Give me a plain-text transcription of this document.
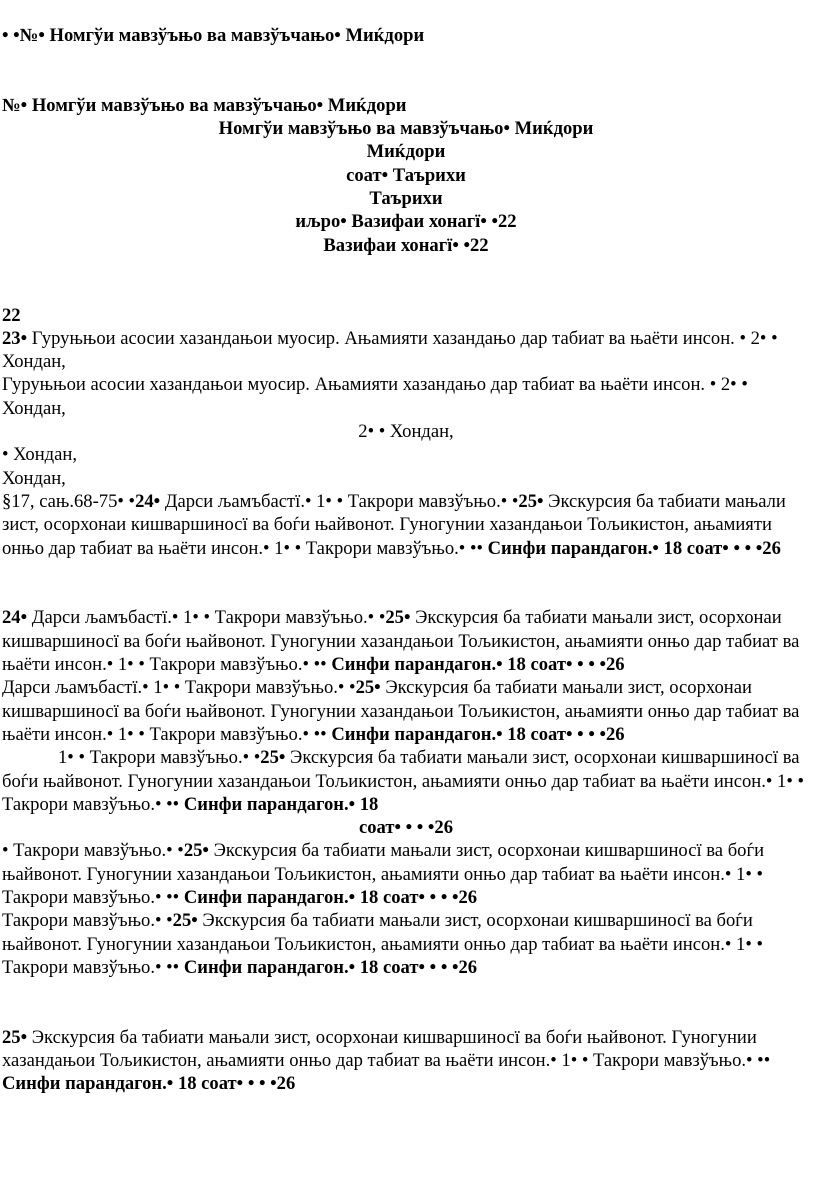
• •№• Номгўи мавзўъњо ва мавзўъчањо• Миќдори

№• Номгўи мавзўъњо ва мавзўъчањо• Миќдори

Номгўи мавзўъњо ва мавзўъчањо• Миќдори

Миќдори

соат• Таърихи

Таърихи

иљро• Вазифаи хонагї• •22

Вазифаи хонагї• •22

22

23• Гуруњњои асосии хазандањои муосир. Ањамияти хазандањо дар табиат ва њаёти инсон. • 2• • Хондан,

Гуруњњои асосии хазандањои муосир. Ањамияти хазандањо дар табиат ва њаёти инсон. • 2• • Хондан,

2• • Хондан,

• Хондан,

Хондан,

§17, сањ.68-75• •24• Дарси љамъбастї.• 1• • Такрори мавзўъњо.• •25• Экскурсия ба табиати мањали зист, осорхонаи кишваршиносї ва боѓи њайвонот. Гуногунии хазандањои Тољикистон, ањамияти онњо дар табиат ва њаёти инсон.• 1• • Такрори мавзўъњо.• •• Синфи парандагон.• 18 соат• • • •26

24• Дарси љамъбастї.• 1• • Такрори мавзўъњо.• •25• Экскурсия ба табиати мањали зист, осорхонаи кишваршиносї ва боѓи њайвонот. Гуногунии хазандањои Тољикистон, ањамияти онњо дар табиат ва њаёти инсон.• 1• • Такрори мавзўъњо.• •• Синфи парандагон.• 18 соат• • • •26

Дарси љамъбастї.• 1• • Такрори мавзўъњо.• •25• Экскурсия ба табиати мањали зист, осорхонаи кишваршиносї ва боѓи њайвонот. Гуногунии хазандањои Тољикистон, ањамияти онњо дар табиат ва њаёти инсон.• 1• • Такрори мавзўъњо.• •• Синфи парандагон.• 18 соат• • • •26

1• • Такрори мавзўъњо.• •25• Экскурсия ба табиати мањали зист, осорхонаи кишваршиносї ва боѓи њайвонот. Гуногунии хазандањои Тољикистон, ањамияти онњо дар табиат ва њаёти инсон.• 1• • Такрори мавзўъњо.• •• Синфи парандагон.• 18

соат• • • •26

• Такрори мавзўъњо.• •25• Экскурсия ба табиати мањали зист, осорхонаи кишваршиносї ва боѓи њайвонот. Гуногунии хазандањои Тољикистон, ањамияти онњо дар табиат ва њаёти инсон.• 1• • Такрори мавзўъњо.• •• Синфи парандагон.• 18 соат• • • •26

Такрори мавзўъњо.• •25• Экскурсия ба табиати мањали зист, осорхонаи кишваршиносї ва боѓи њайвонот. Гуногунии хазандањои Тољикистон, ањамияти онњо дар табиат ва њаёти инсон.• 1• • Такрори мавзўъњо.• •• Синфи парандагон.• 18 соат• • • •26

25• Экскурсия ба табиати мањали зист, осорхонаи кишваршиносї ва боѓи њайвонот. Гуногунии хазандањои Тољикистон, ањамияти онњо дар табиат ва њаёти инсон.• 1• • Такрори мавзўъњо.• •• Синфи парандагон.• 18 соат• • • •26
